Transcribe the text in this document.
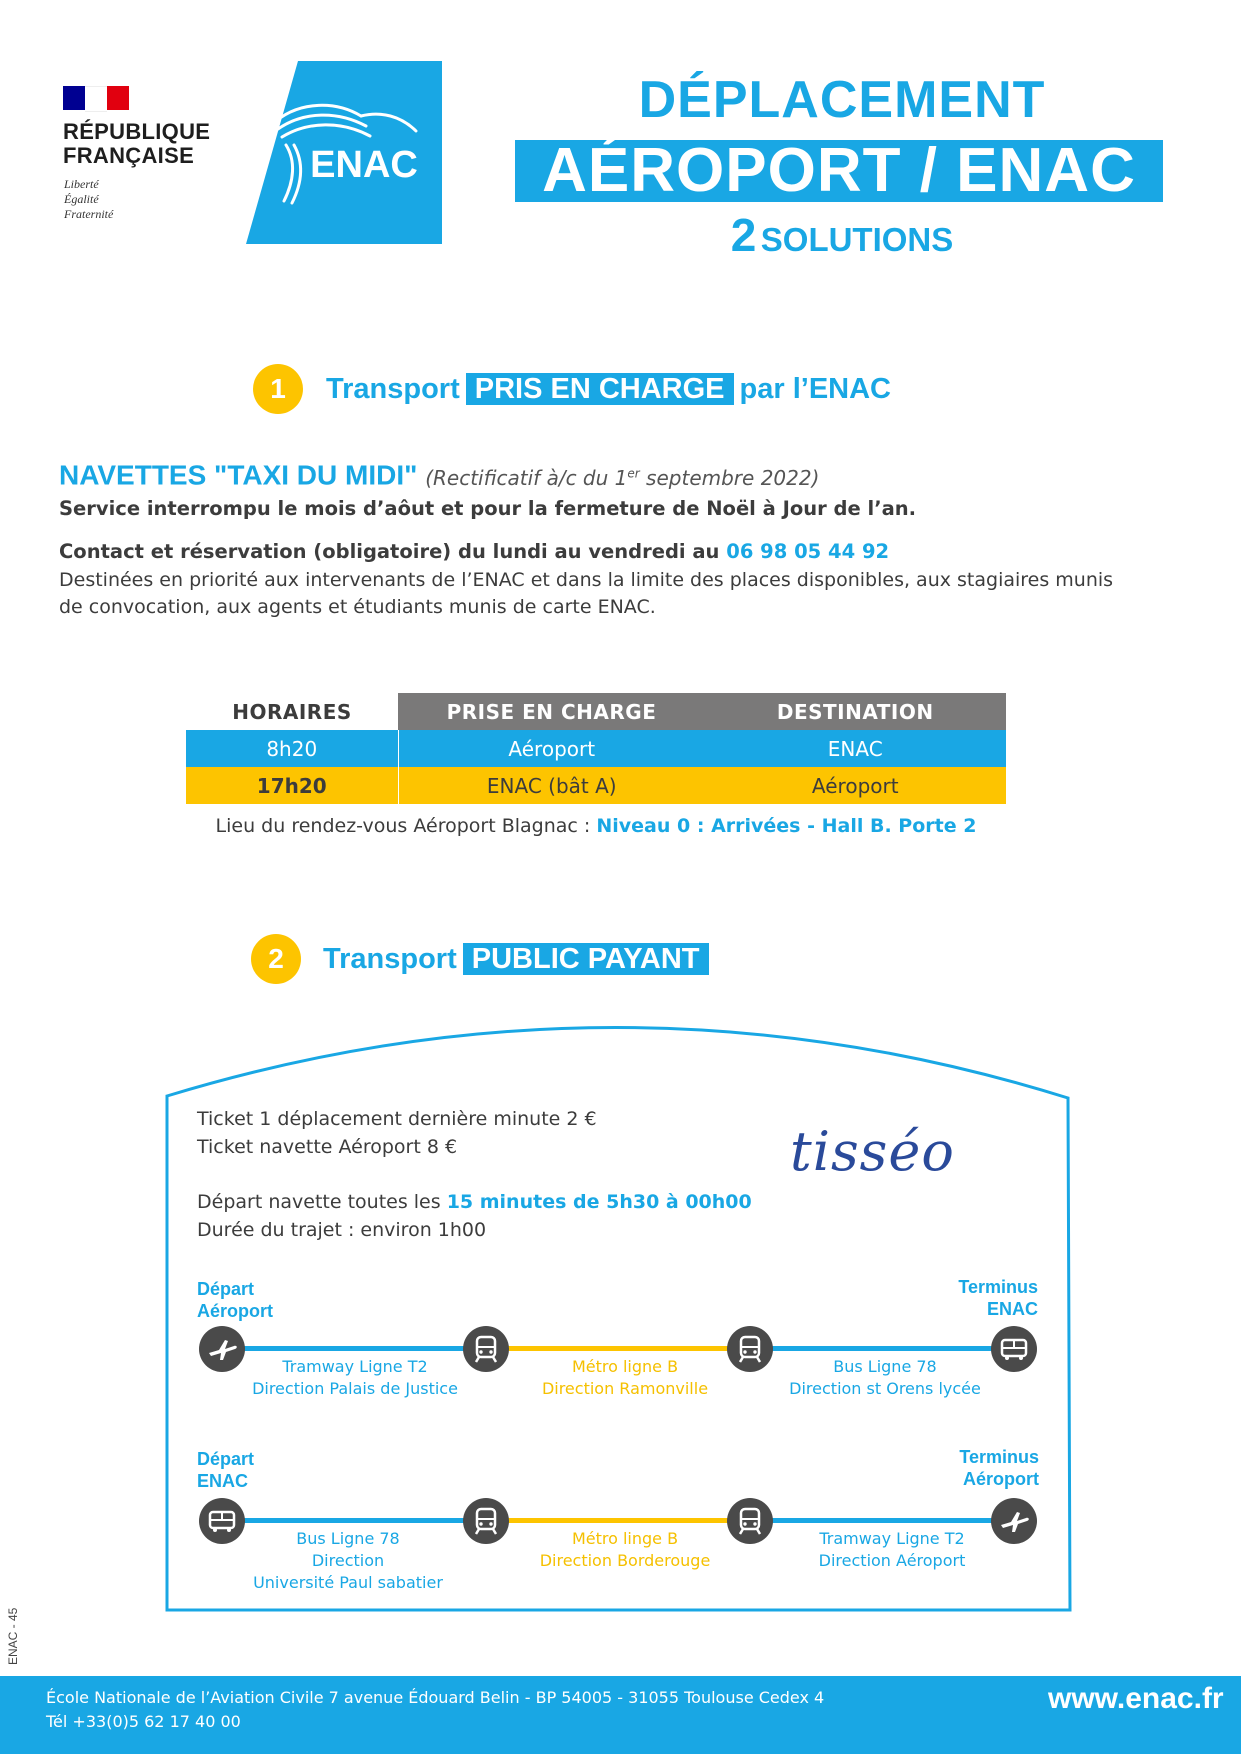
RÉPUBLIQUE
FRANÇAISE
Liberté
Égalité
Fraternité
ENAC
DÉPLACEMENT
AÉROPORT / ENAC
2 SOLUTIONS
1	Transport PRIS EN CHARGE par l’ENAC
NAVETTES "TAXI DU MIDI" (Rectificatif à/c du 1er septembre 2022)
Service interrompu le mois d’aôut et pour la fermeture de Noël à Jour de l’an.
Contact et réservation (obligatoire) du lundi au vendredi au 06 98 05 44 92
Destinées en priorité aux intervenants de l’ENAC et dans la limite des places disponibles, aux stagiaires munis de convocation, aux agents et étudiants munis de carte ENAC.
HORAIRES	PRISE EN CHARGE	DESTINATION
8h20	Aéroport	ENAC
17h20	ENAC (bât A)	Aéroport
Lieu du rendez-vous Aéroport Blagnac : Niveau 0 : Arrivées - Hall B. Porte 2
2	Transport PUBLIC PAYANT
Ticket 1 déplacement dernière minute 2 €
Ticket navette Aéroport 8 €
Départ navette toutes les 15 minutes de 5h30 à 00h00
Durée du trajet : environ 1h00
tisséo
Départ
Aéroport
Terminus
ENAC
Tramway Ligne T2
Direction Palais de Justice
Métro ligne B
Direction Ramonville
Bus Ligne 78
Direction st Orens lycée
Départ
ENAC
Terminus
Aéroport
Bus Ligne 78
Direction
Université Paul sabatier
Métro linge B
Direction Borderouge
Tramway Ligne T2
Direction Aéroport
ENAC - 45
École Nationale de l’Aviation Civile 7 avenue Édouard Belin - BP 54005 - 31055 Toulouse Cedex 4
Tél +33(0)5 62 17 40 00
www.enac.fr
